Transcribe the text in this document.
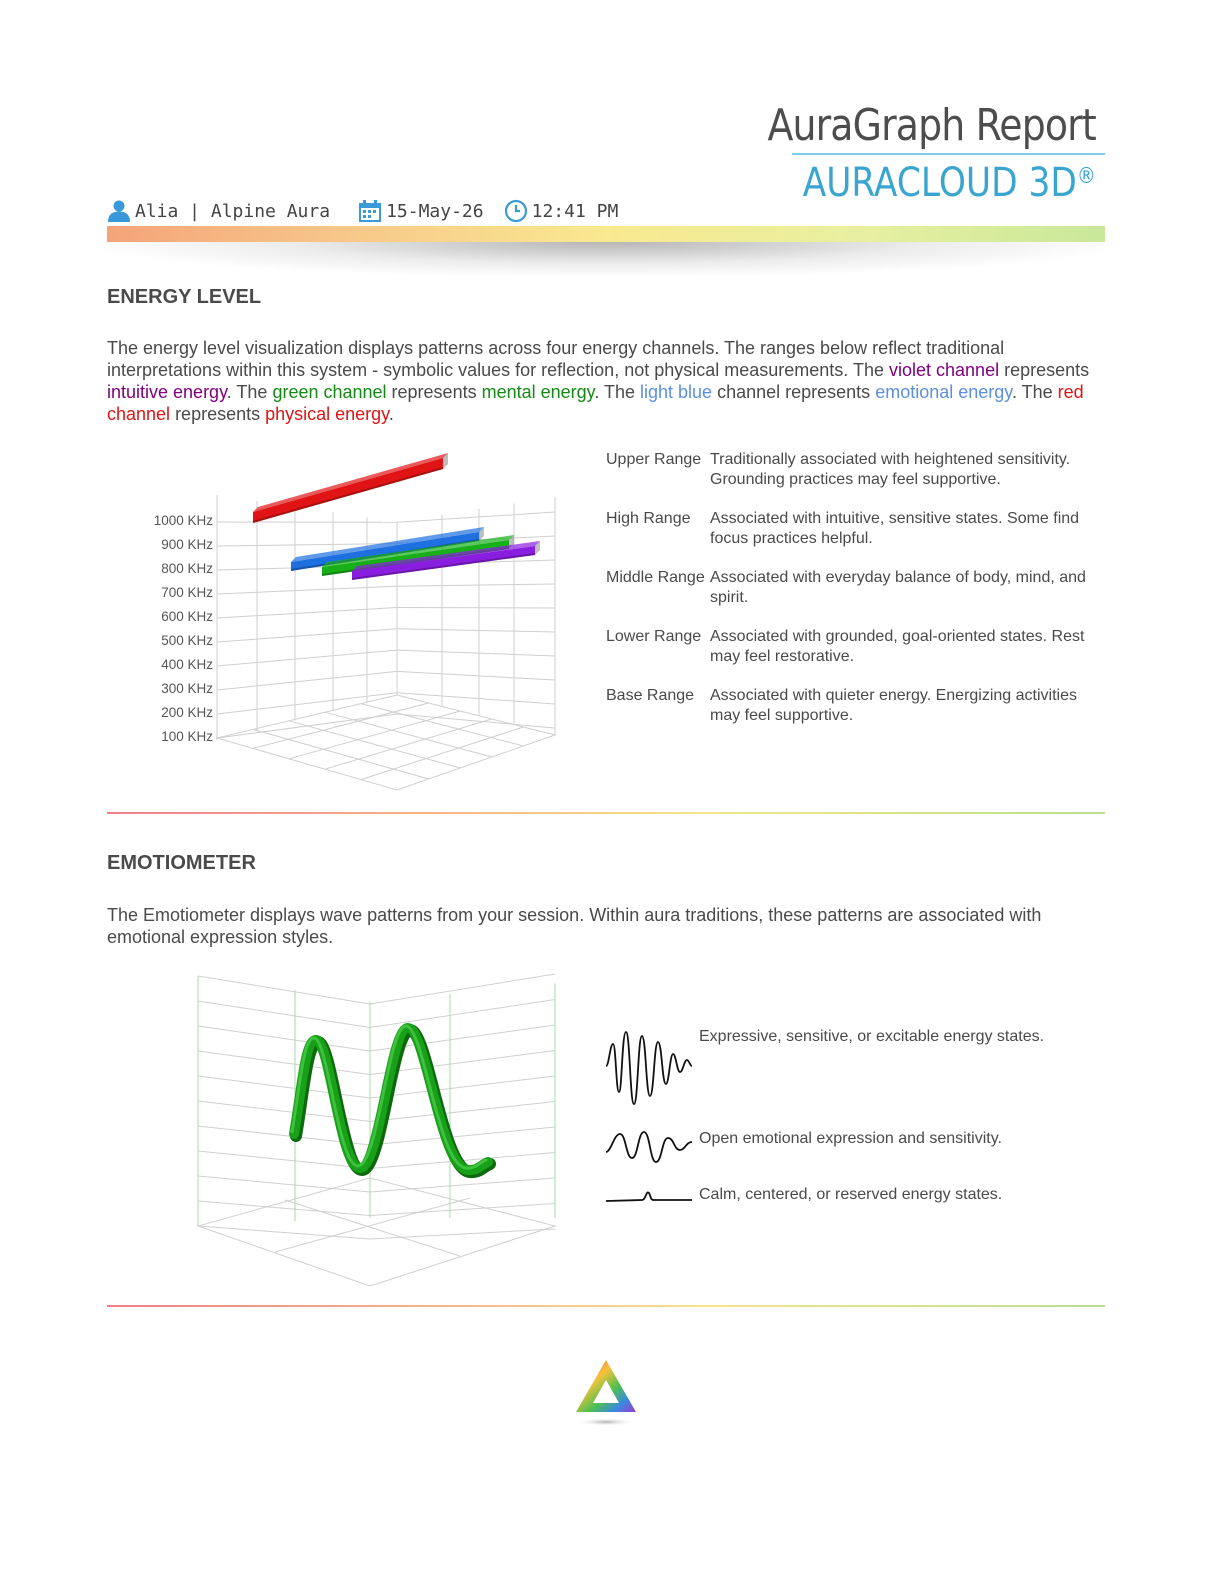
AuraGraph Report
AURACLOUD 3D®
Alia | Alpine Aura	15-May-26	12:41 PM
ENERGY LEVEL

The energy level visualization displays patterns across four energy channels. The ranges below reflect traditional interpretations within this system - symbolic values for reflection, not physical measurements. The violet channel represents intuitive energy. The green channel represents mental energy. The light blue channel represents emotional energy. The red channel represents physical energy.

1000 KHz
900 KHz
800 KHz
700 KHz
600 KHz
500 KHz
400 KHz
300 KHz
200 KHz
100 KHz
Upper Range Traditionally associated with heightened sensitivity. Grounding practices may feel supportive.
High Range	Associated with intuitive, sensitive states. Some find focus practices helpful.
Middle Range Associated with everyday balance of body, mind, and spirit.
Lower Range Associated with grounded, goal-oriented states. Rest may feel restorative.
Base Range Associated with quieter energy. Energizing activities may feel supportive.
EMOTIOMETER

The Emotiometer displays wave patterns from your session. Within aura traditions, these patterns are associated with emotional expression styles.

Expressive, sensitive, or excitable energy states.
Open emotional expression and sensitivity.
Calm, centered, or reserved energy states.
